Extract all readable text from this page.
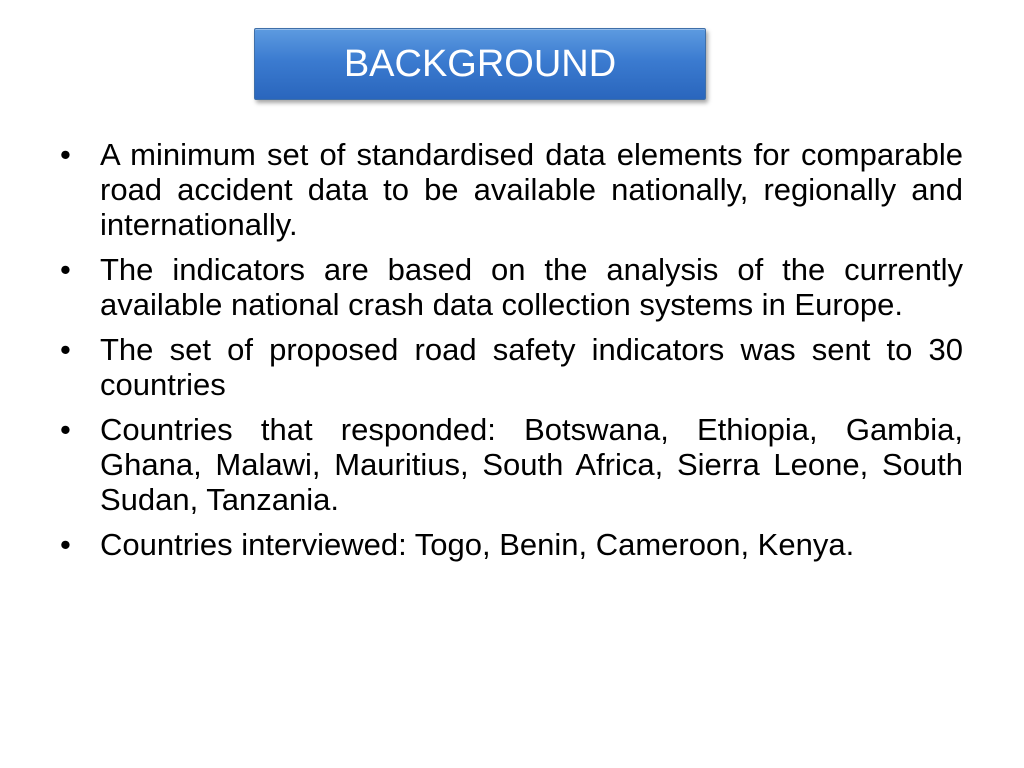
BACKGROUND
• A minimum set of standardised data elements for comparable road accident data to be available nationally, regionally and internationally.
• The indicators are based on the analysis of the currently available national crash data collection systems in Europe.
• The set of proposed road safety indicators was sent to 30 countries
• Countries that responded: Botswana, Ethiopia, Gambia, Ghana, Malawi, Mauritius, South Africa, Sierra Leone, South Sudan, Tanzania.
• Countries interviewed: Togo, Benin, Cameroon, Kenya.
